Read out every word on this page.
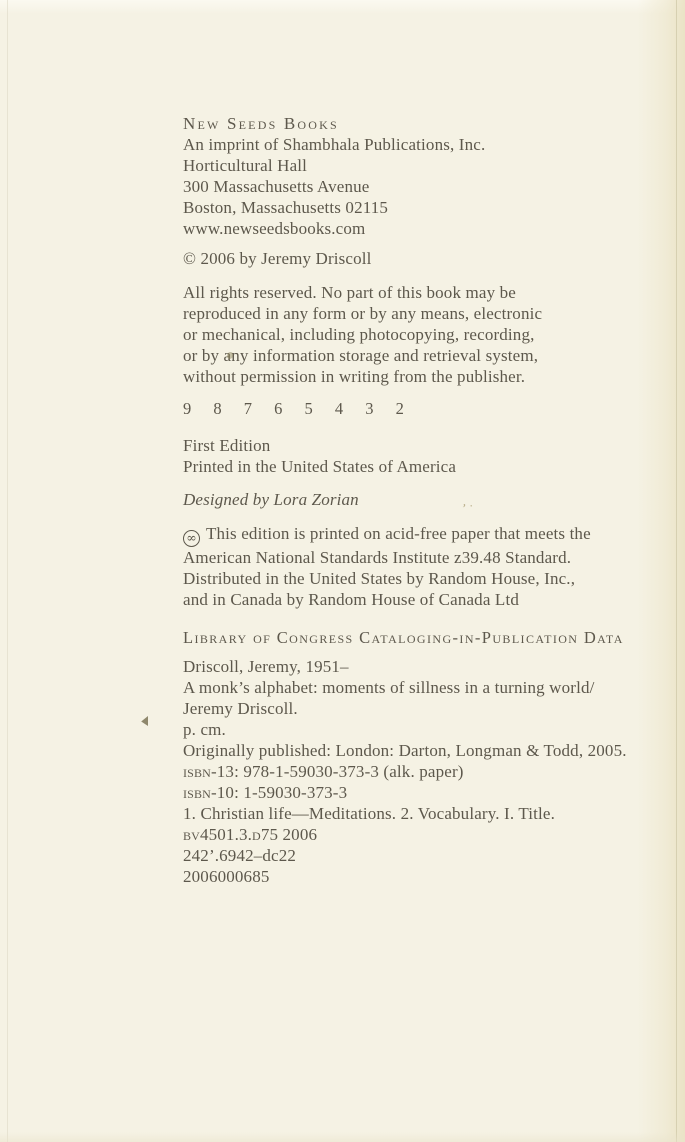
New Seeds Books
An imprint of Shambhala Publications, Inc.
Horticultural Hall
300 Massachusetts Avenue
Boston, Massachusetts 02115
www.newseedsbooks.com
© 2006 by Jeremy Driscoll
All rights reserved. No part of this book may be
reproduced in any form or by any means, electronic
or mechanical, including photocopying, recording,
or by any information storage and retrieval system,
without permission in writing from the publisher.
9 8 7 6 5 4 3 2
First Edition
Printed in the United States of America
Designed by Lora Zorian
∞ This edition is printed on acid-free paper that meets the
American National Standards Institute z39.48 Standard.
Distributed in the United States by Random House, Inc.,
and in Canada by Random House of Canada Ltd
Library of Congress Cataloging-in-Publication Data
Driscoll, Jeremy, 1951–
A monk’s alphabet: moments of sillness in a turning world/
Jeremy Driscoll.
p. cm.
Originally published: London: Darton, Longman & Todd, 2005.
isbn-13: 978-1-59030-373-3 (alk. paper)
isbn-10: 1-59030-373-3
1. Christian life—Meditations. 2. Vocabulary. I. Title.
bv4501.3.d75 2006
242’.6942–dc22
2006000685
’ ̇
